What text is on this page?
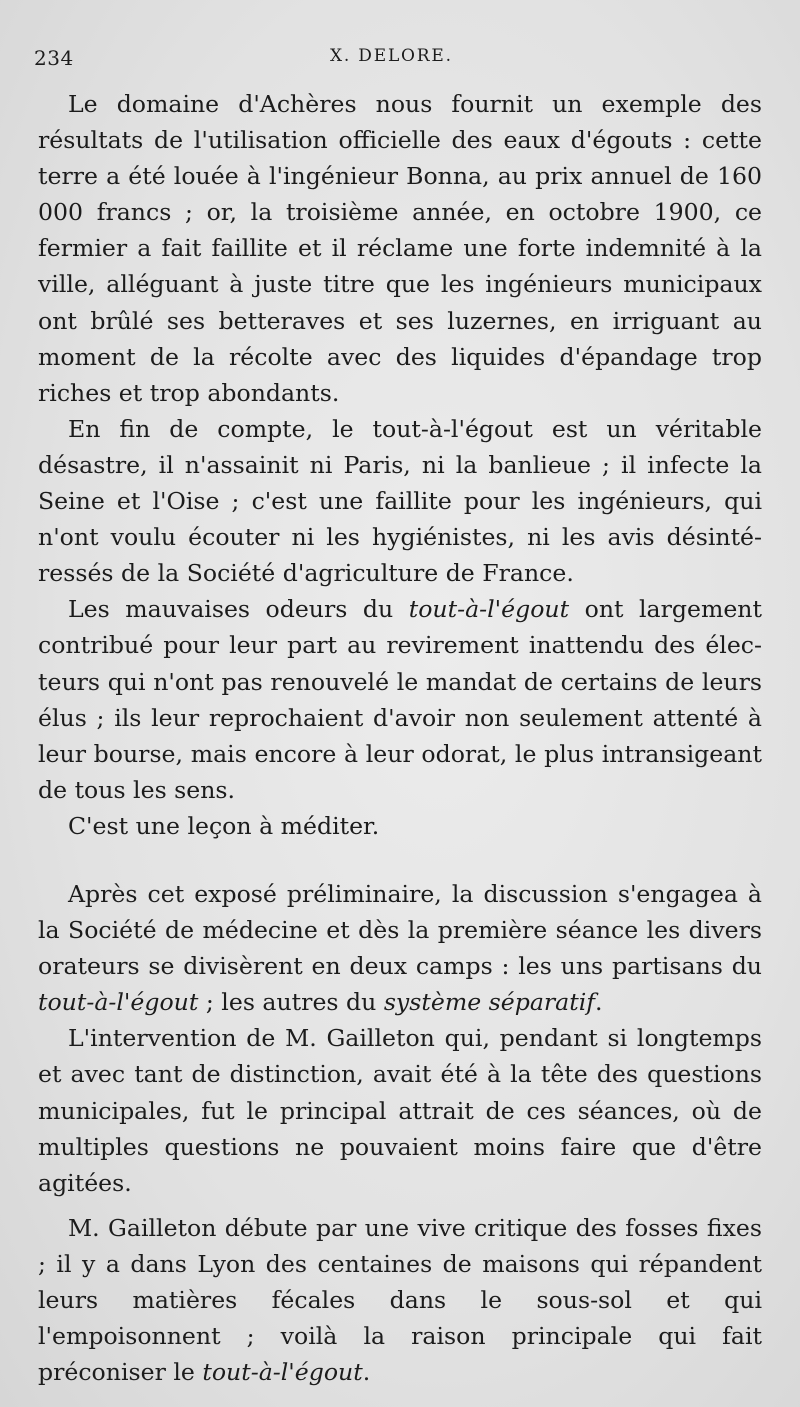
234	X. DELORE.

Le domaine d'Achères nous fournit un exemple des résultats de l'utilisation officielle des eaux d'égouts : cette terre a été louée à l'ingénieur Bonna, au prix annuel de 160 000 francs ; or, la troisième année, en octobre 1900, ce fermier a fait faillite et il réclame une forte indemnité à la ville, alléguant à juste titre que les ingénieurs municipaux ont brûlé ses betteraves et ses luzernes, en irriguant au moment de la récolte avec des liquides d'épandage trop riches et trop abondants.

En fin de compte, le tout-à-l'égout est un véritable désastre, il n'assainit ni Paris, ni la banlieue ; il infecte la Seine et l'Oise ; c'est une faillite pour les ingénieurs, qui n'ont voulu écouter ni les hygiénistes, ni les avis désintéressés de la Société d'agriculture de France.

Les mauvaises odeurs du tout-à-l'égout ont largement contribué pour leur part au revirement inattendu des électeurs qui n'ont pas renouvelé le mandat de certains de leurs élus ; ils leur reprochaient d'avoir non seulement attenté à leur bourse, mais encore à leur odorat, le plus intransigeant de tous les sens.

C'est une leçon à méditer.

Après cet exposé préliminaire, la discussion s'engagea à la Société de médecine et dès la première séance les divers orateurs se divisèrent en deux camps : les uns partisans du tout-à-l'égout ; les autres du système séparatif.

L'intervention de M. Gailleton qui, pendant si longtemps et avec tant de distinction, avait été à la tête des questions municipales, fut le principal attrait de ces séances, où de multiples questions ne pouvaient moins faire que d'être agitées.

M. Gailleton débute par une vive critique des fosses fixes ; il y a dans Lyon des centaines de maisons qui répandent leurs matières fécales dans le sous-sol et qui l'empoisonnent ; voilà la raison principale qui fait préconiser le tout-à-l'égout.
